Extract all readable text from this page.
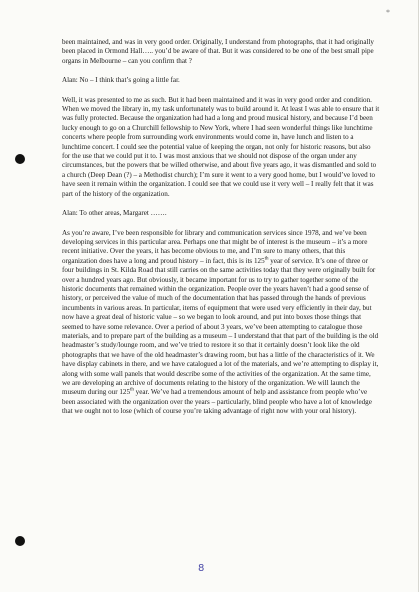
*

been maintained, and was in very good order. Originally, I understand from photographs, that it had originally been placed in Ormond Hall….. you’d be aware of that. But it was considered to be one of the best small pipe organs in Melbourne – can you confirm that ?

Alan: No – I think that’s going a little far.

Well, it was presented to me as such. But it had been maintained and it was in very good order and condition. When we moved the library in, my task unfortunately was to build around it. At least I was able to ensure that it was fully protected. Because the organization had had a long and proud musical history, and because I’d been lucky enough to go on a Churchill fellowship to New York, where I had seen wonderful things like lunchtime concerts where people from surrounding work environments would come in, have lunch and listen to a lunchtime concert. I could see the potential value of keeping the organ, not only for historic reasons, but also for the use that we could put it to. I was most anxious that we should not dispose of the organ under any circumstances, but the powers that be willed otherwise, and about five years ago, it was dismantled and sold to a church (Deep Dean (?) – a Methodist church); I’m sure it went to a very good home, but I would’ve loved to have seen it remain within the organization. I could see that we could use it very well – I really felt that it was part of the history of the organization.

Alan: To other areas, Margaret …….

As you’re aware, I’ve been responsible for library and communication services since 1978, and we’ve been developing services in this particular area. Perhaps one that might be of interest is the museum – it’s a more recent initiative. Over the years, it has become obvious to me, and I’m sure to many others, that this organization does have a long and proud history – in fact, this is its 125th year of service. It’s one of three or four buildings in St. Kilda Road that still carries on the same activities today that they were originally built for over a hundred years ago. But obviously, it became important for us to try to gather together some of the historic documents that remained within the organization. People over the years haven’t had a good sense of history, or perceived the value of much of the documentation that has passed through the hands of previous incumbents in various areas. In particular, items of equipment that were used very efficiently in their day, but now have a great deal of historic value – so we began to look around, and put into boxes those things that seemed to have some relevance. Over a period of about 3 years, we’ve been attempting to catalogue those materials, and to prepare part of the building as a museum – I understand that that part of the building is the old headmaster’s study/lounge room, and we’ve tried to restore it so that it certainly doesn’t look like the old photographs that we have of the old headmaster’s drawing room, but has a little of the characteristics of it. We have display cabinets in there, and we have catalogued a lot of the materials, and we’re attempting to display it, along with some wall panels that would describe some of the activities of the organization. At the same time, we are developing an archive of documents relating to the history of the organization. We will launch the museum during our 125th year. We’ve had a tremendous amount of help and assistance from people who’ve been associated with the organization over the years – particularly, blind people who have a lot of knowledge that we ought not to lose (which of course you’re taking advantage of right now with your oral history).

8
